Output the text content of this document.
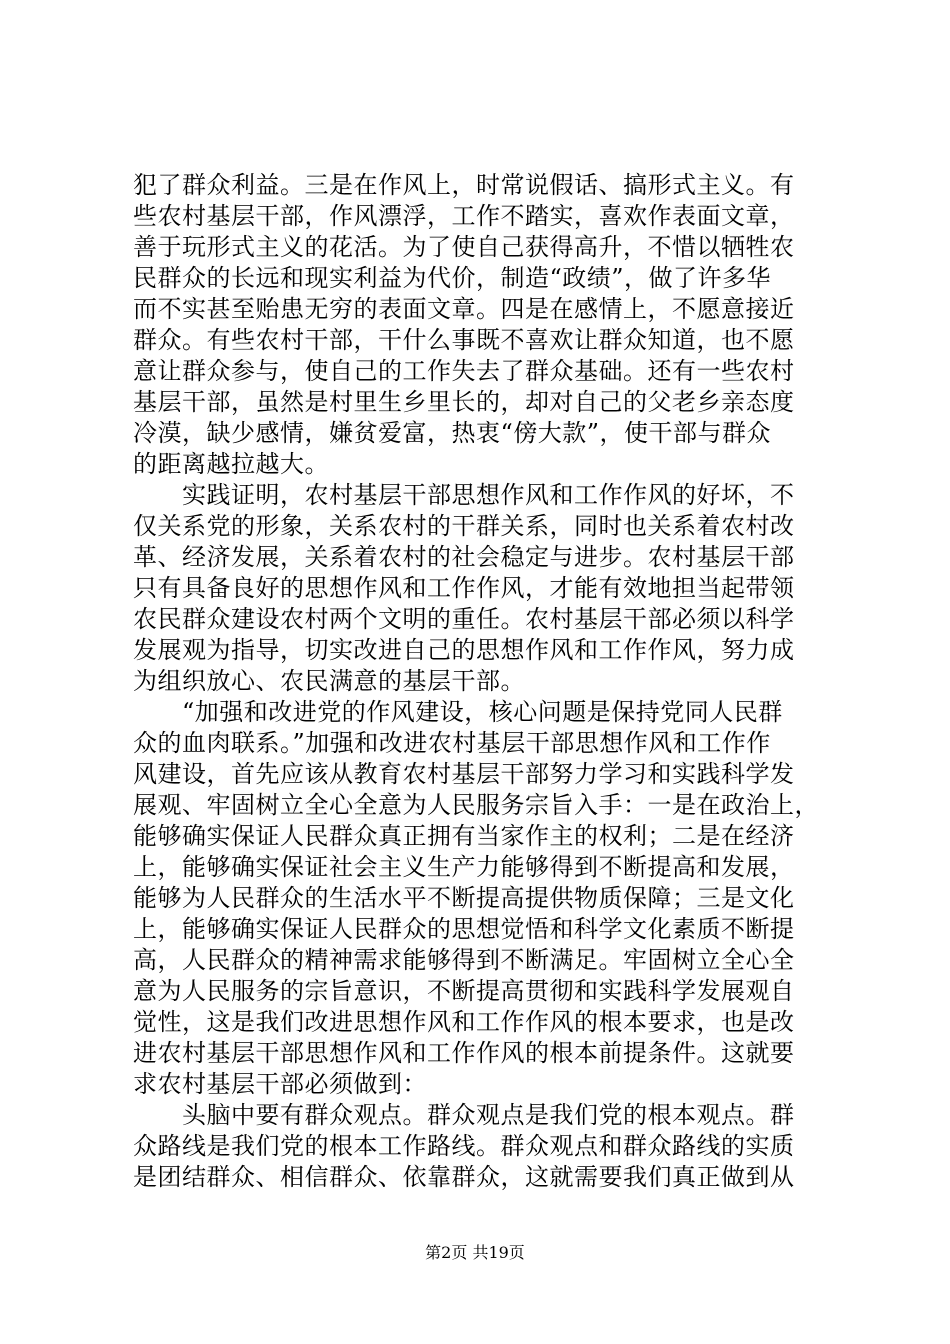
犯了群众利益。三是在作风上，时常说假话、搞形式主义。有
些农村基层干部，作风漂浮，工作不踏实，喜欢作表面文章，
善于玩形式主义的花活。为了使自己获得高升，不惜以牺牲农
民群众的长远和现实利益为代价，制造“政绩”，做了许多华
而不实甚至贻患无穷的表面文章。四是在感情上，不愿意接近
群众。有些农村干部，干什么事既不喜欢让群众知道，也不愿
意让群众参与，使自己的工作失去了群众基础。还有一些农村
基层干部，虽然是村里生乡里长的，却对自己的父老乡亲态度
冷漠，缺少感情，嫌贫爱富，热衷“傍大款”，使干部与群众
的距离越拉越大。
　　实践证明，农村基层干部思想作风和工作作风的好坏，不
仅关系党的形象，关系农村的干群关系，同时也关系着农村改
革、经济发展，关系着农村的社会稳定与进步。农村基层干部
只有具备良好的思想作风和工作作风，才能有效地担当起带领
农民群众建设农村两个文明的重任。农村基层干部必须以科学
发展观为指导，切实改进自己的思想作风和工作作风，努力成
为组织放心、农民满意的基层干部。
　　“加强和改进党的作风建设，核心问题是保持党同人民群
众的血肉联系。”加强和改进农村基层干部思想作风和工作作
风建设，首先应该从教育农村基层干部努力学习和实践科学发
展观、牢固树立全心全意为人民服务宗旨入手：一是在政治上，
能够确实保证人民群众真正拥有当家作主的权利；二是在经济
上，能够确实保证社会主义生产力能够得到不断提高和发展，
能够为人民群众的生活水平不断提高提供物质保障；三是文化
上，能够确实保证人民群众的思想觉悟和科学文化素质不断提
高，人民群众的精神需求能够得到不断满足。牢固树立全心全
意为人民服务的宗旨意识，不断提高贯彻和实践科学发展观自
觉性，这是我们改进思想作风和工作作风的根本要求，也是改
进农村基层干部思想作风和工作作风的根本前提条件。这就要
求农村基层干部必须做到：
　　头脑中要有群众观点。群众观点是我们党的根本观点。群
众路线是我们党的根本工作路线。群众观点和群众路线的实质
是团结群众、相信群众、依靠群众，这就需要我们真正做到从
第2页 共19页
